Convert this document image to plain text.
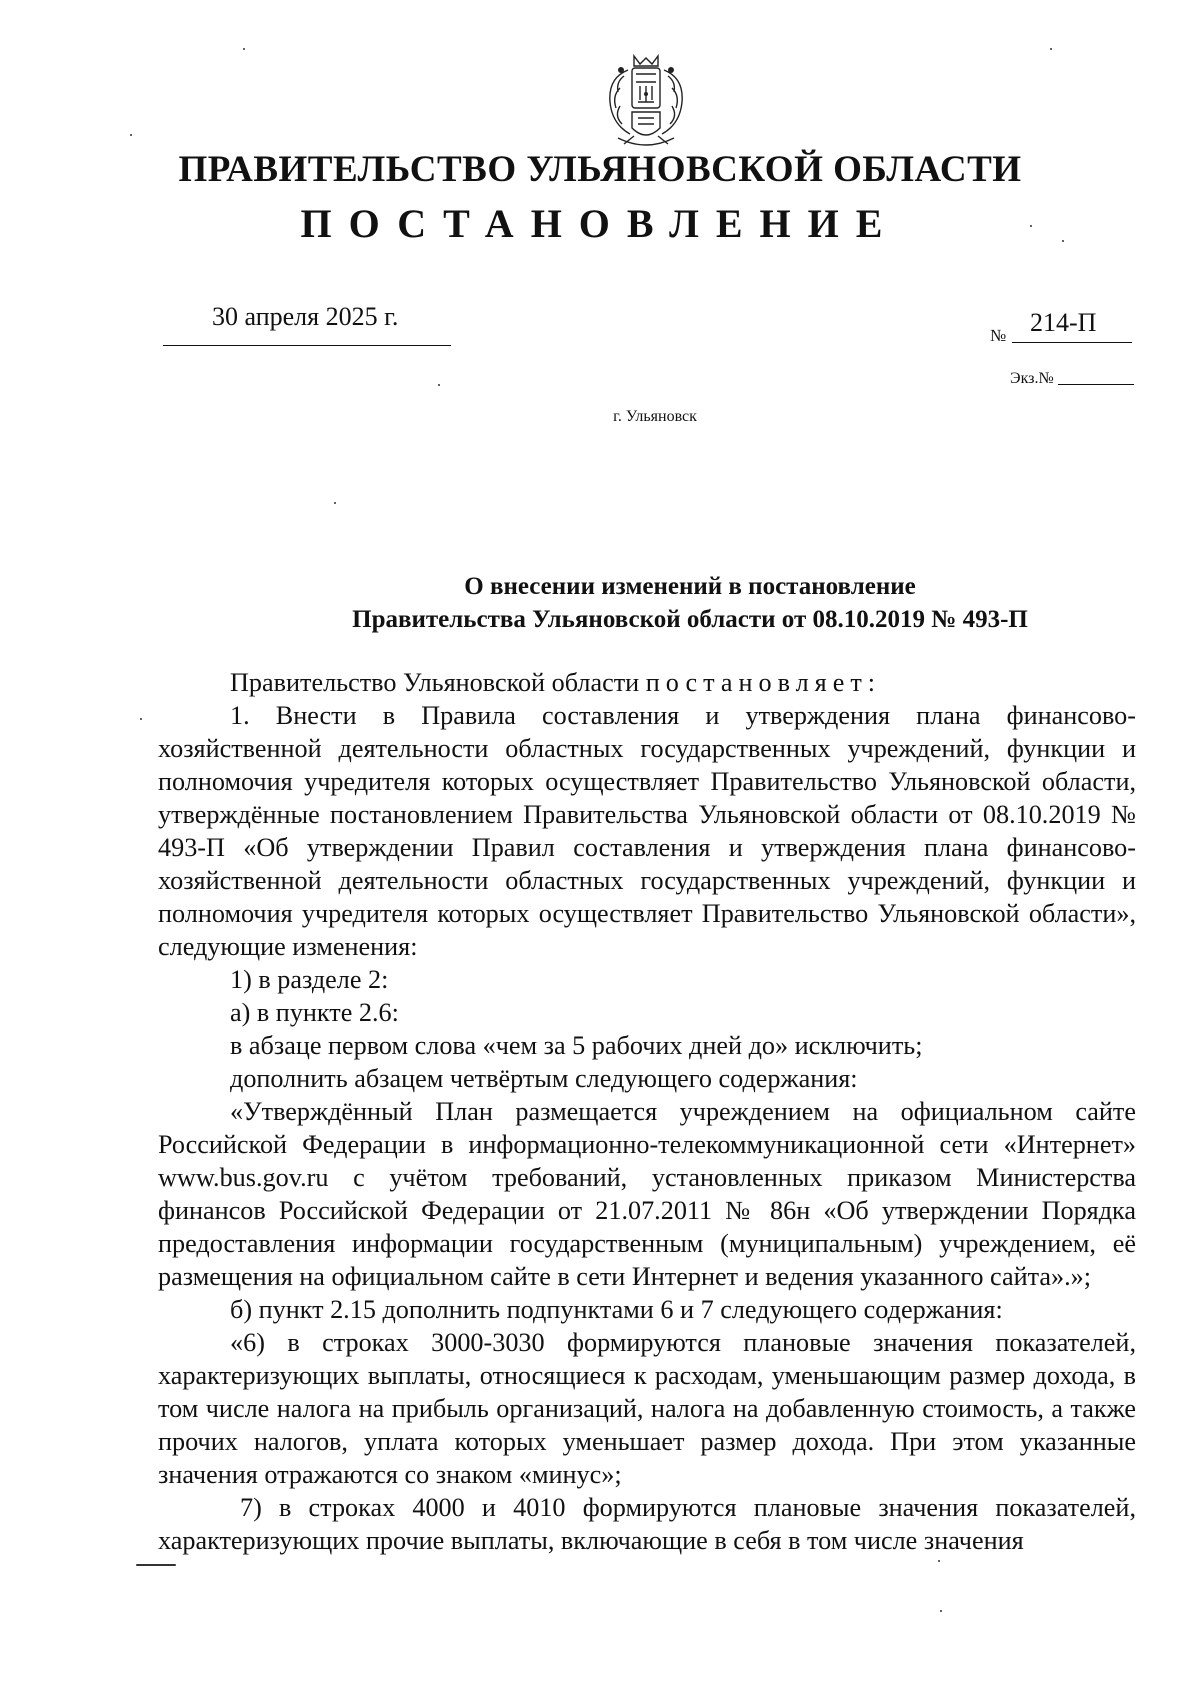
ПРАВИТЕЛЬСТВО УЛЬЯНОВСКОЙ ОБЛАСТИ
ПОСТАНОВЛЕНИЕ
30 апреля 2025 г.
№ 214-П
Экз.№
г. Ульяновск
О внесении изменений в постановление
Правительства Ульяновской области от 08.10.2019 № 493-П

Правительство Ульяновской области постановляет:

1. Внести в Правила составления и утверждения плана финансово-хозяйственной деятельности областных государственных учреждений, функции и полномочия учредителя которых осуществляет Правительство Ульяновской области, утверждённые постановлением Правительства Ульяновской области от 08.10.2019 № 493-П «Об утверждении Правил составления и утверждения плана финансово-хозяйственной деятельности областных государственных учреждений, функции и полномочия учредителя которых осуществляет Правительство Ульяновской области», следующие изменения:

1) в разделе 2:

а) в пункте 2.6:

в абзаце первом слова «чем за 5 рабочих дней до» исключить;

дополнить абзацем четвёртым следующего содержания:

«Утверждённый План размещается учреждением на официальном сайте Российской Федерации в информационно-телекоммуникационной сети «Интернет» www.bus.gov.ru с учётом требований, установленных приказом Министерства финансов Российской Федерации от 21.07.2011 № 86н «Об утверждении Порядка предоставления информации государственным (муниципальным) учреждением, её размещения на официальном сайте в сети Интернет и ведения указанного сайта».»;

б) пункт 2.15 дополнить подпунктами 6 и 7 следующего содержания:

«6) в строках 3000-3030 формируются плановые значения показателей, характеризующих выплаты, относящиеся к расходам, уменьшающим размер дохода, в том числе налога на прибыль организаций, налога на добавленную стоимость, а также прочих налогов, уплата которых уменьшает размер дохода. При этом указанные значения отражаются со знаком «минус»;

7) в строках 4000 и 4010 формируются плановые значения показателей, характеризующих прочие выплаты, включающие в себя в том числе значения
